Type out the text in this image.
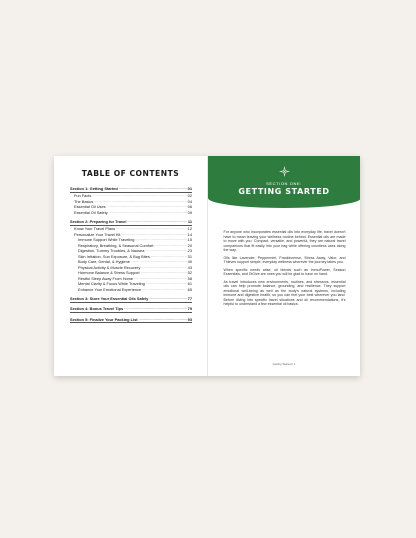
TABLE OF CONTENTS
Section 1: Getting Started .....	01
Fun Facts .....	02
The Basics .....	04
Essential Oil Uses .....	06
Essential Oil Safety .....	09
Section 2: Preparing for Travel .....	11
Know Your Travel Plans .....	12
Personalize Your Travel Kit .....	14
Immune Support While Traveling .....	15
Respiratory, Breathing, & Seasonal Comfort .....	20
Digestion, Tummy Troubles, & Nausea .....	23
Skin Irritation, Sun Exposure, & Bug Bites .....	31
Body Care, Dental, & Hygiene .....	40
Physical Activity & Muscle Recovery .....	43
Hormone Balance & Stress Support .....	52
Restful Sleep Away From Home .....	58
Mental Clarity & Focus While Traveling .....	61
Enhance Your Emotional Experience .....	65
Section 3: Store Your Essential Oils Safely .....	77
Section 4: Bonus Travel Tips .....	79
Section 5: Finalize Your Packing List .....	93
SECTION ONE:
GETTING STARTED

For anyone who incorporates essential oils into everyday life, travel doesn't have to mean leaving your wellness routine behind. Essential oils are made to move with you. Compact, versatile, and powerful, they are natural travel companions that fit easily into your bag while offering countless uses along the way.

Oils like Lavender, Peppermint, Frankincense, Stress Away, Valor, and Thieves support simple, everyday wellness wherever the journey takes you.

When specific needs arise, oil blends such as ImmuPower, Season Essentials, and DiGize are ones you will be glad to have on hand.

As travel introduces new environments, routines, and stressors, essential oils can help promote balance, grounding, and resilience. They support emotional well-being as well as the body's natural systems, including immune and digestive health, so you can feel your best wherever you land. Before diving into specific travel situations and oil recommendations, it's helpful to understand a few essential oil basics.

Getting Started | 1
